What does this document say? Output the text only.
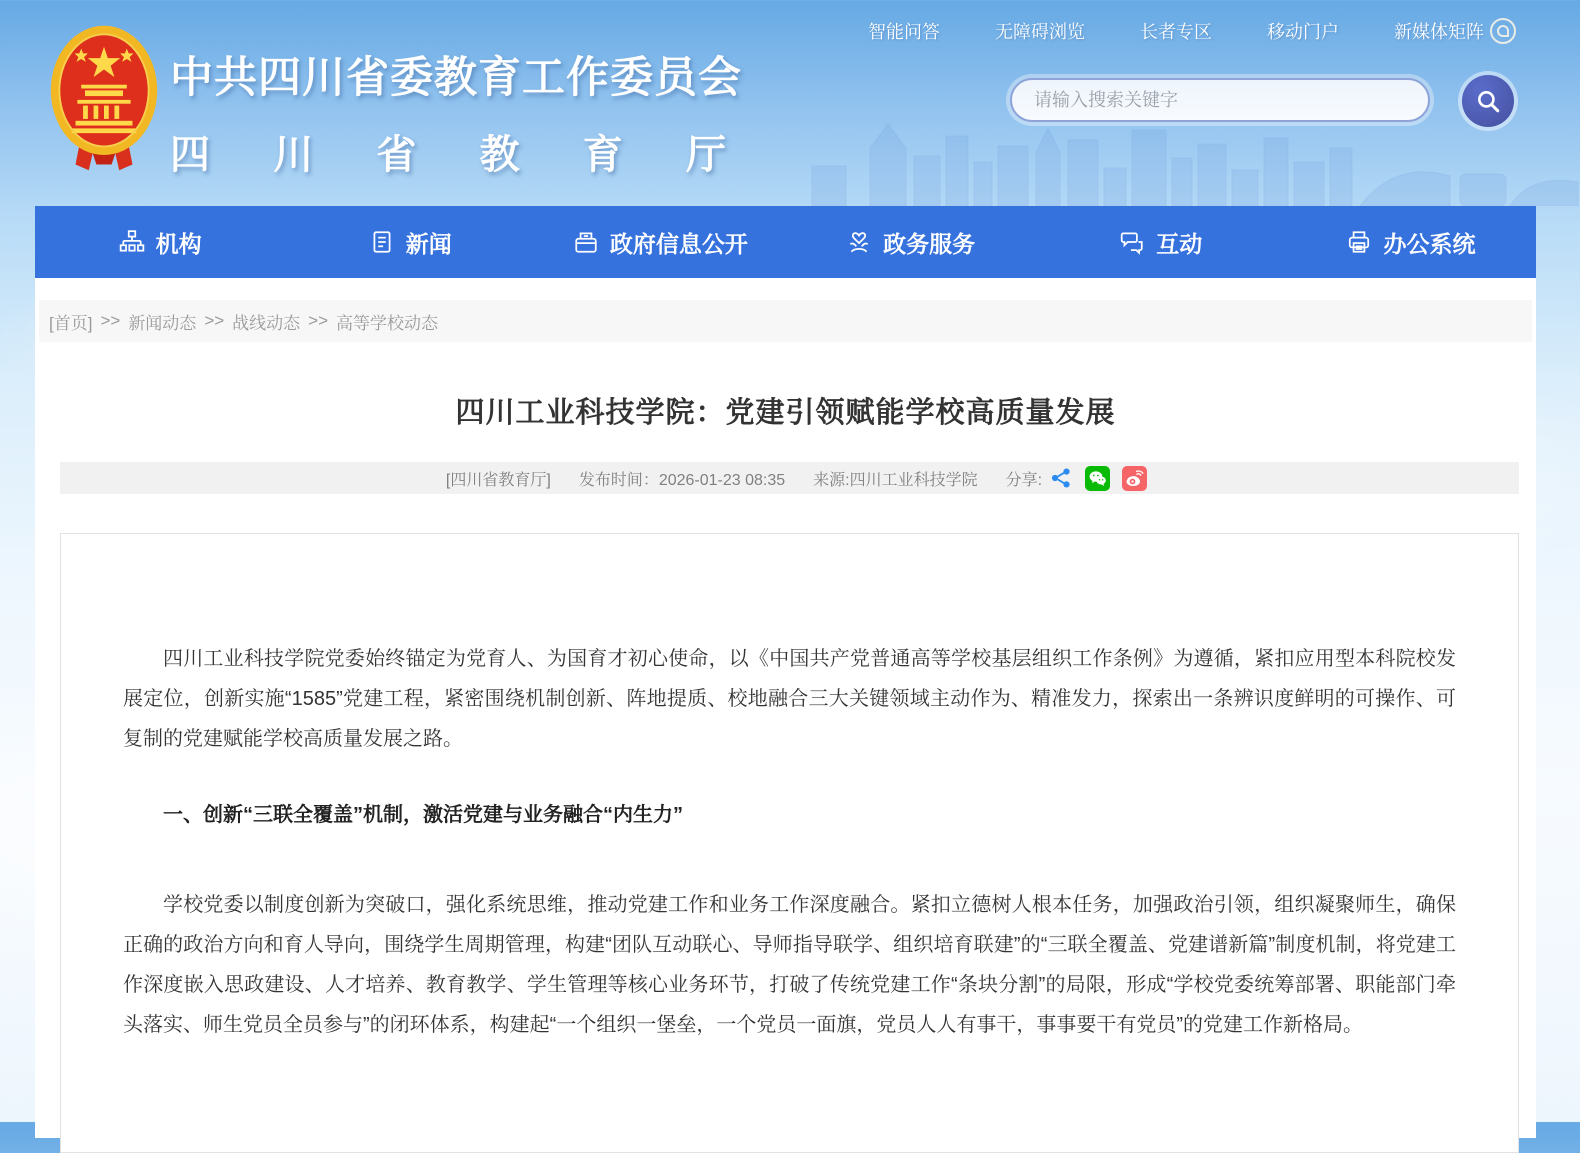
中共四川省委教育工作委员会
四川省教育厅
智能问答	无障碍浏览	长者专区	移动门户	新媒体矩阵
请输入搜索关键字
机构	新闻	政府信息公开	政务服务	互动	办公系统
[首页] >> 新闻动态 >> 战线动态 >> 高等学校动态
四川工业科技学院：党建引领赋能学校高质量发展
[四川省教育厅] 发布时间：2026-01-23 08:35 来源:四川工业科技学院 分享:

四川工业科技学院党委始终锚定为党育人、为国育才初心使命，以《中国共产党普通高等学校基层组织工作条例》为遵循，紧扣应用型本科院校发展定位，创新实施“1585”党建工程，紧密围绕机制创新、阵地提质、校地融合三大关键领域主动作为、精准发力，探索出一条辨识度鲜明的可操作、可复制的党建赋能学校高质量发展之路。

一、创新“三联全覆盖”机制，激活党建与业务融合“内生力”

学校党委以制度创新为突破口，强化系统思维，推动党建工作和业务工作深度融合。紧扣立德树人根本任务，加强政治引领，组织凝聚师生，确保正确的政治方向和育人导向，围绕学生周期管理，构建“团队互动联心、导师指导联学、组织培育联建”的“三联全覆盖、党建谱新篇”制度机制，将党建工作深度嵌入思政建设、人才培养、教育教学、学生管理等核心业务环节，打破了传统党建工作“条块分割”的局限，形成“学校党委统筹部署、职能部门牵头落实、师生党员全员参与”的闭环体系，构建起“一个组织一堡垒，一个党员一面旗，党员人人有事干，事事要干有党员”的党建工作新格局。
